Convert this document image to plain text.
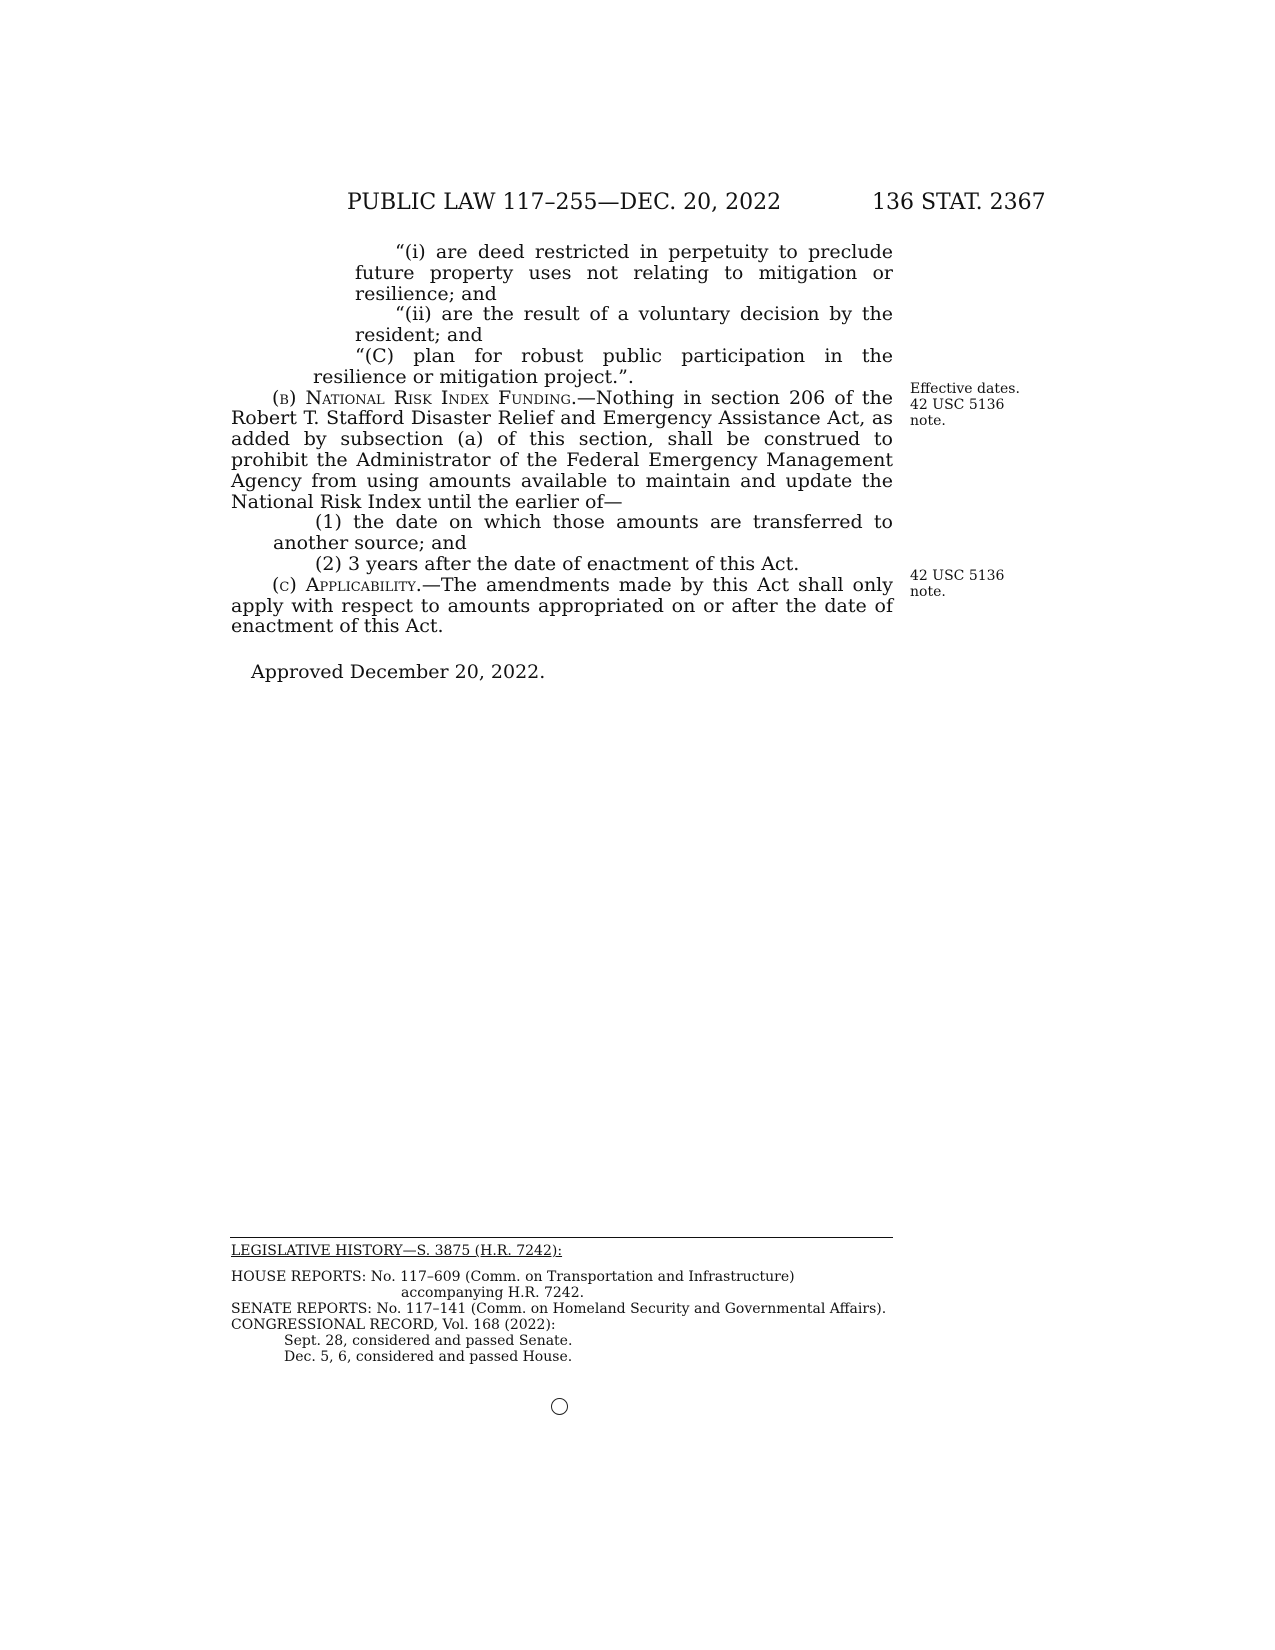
PUBLIC LAW 117–255—DEC. 20, 2022	136 STAT. 2367

“(i) are deed restricted in perpetuity to preclude future property uses not relating to mitigation or resilience; and

“(ii) are the result of a voluntary decision by the resident; and

“(C) plan for robust public participation in the resilience or mitigation project.”.

(b) National Risk Index Funding.—Nothing in section 206 of the Robert T. Stafford Disaster Relief and Emergency Assistance Act, as added by subsection (a) of this section, shall be construed to prohibit the Administrator of the Federal Emergency Management Agency from using amounts available to maintain and update the National Risk Index until the earlier of—

(1) the date on which those amounts are transferred to another source; and

(2) 3 years after the date of enactment of this Act.

(c) Applicability.—The amendments made by this Act shall only apply with respect to amounts appropriated on or after the date of enactment of this Act.

Effective dates.
42 USC 5136
note.
42 USC 5136
note.
Approved December 20, 2022.
LEGISLATIVE HISTORY—S. 3875 (H.R. 7242):
HOUSE REPORTS: No. 117–609 (Comm. on Transportation and Infrastructure) accompanying H.R. 7242.
SENATE REPORTS: No. 117–141 (Comm. on Homeland Security and Governmental Affairs).
CONGRESSIONAL RECORD, Vol. 168 (2022):
Sept. 28, considered and passed Senate.
Dec. 5, 6, considered and passed House.
